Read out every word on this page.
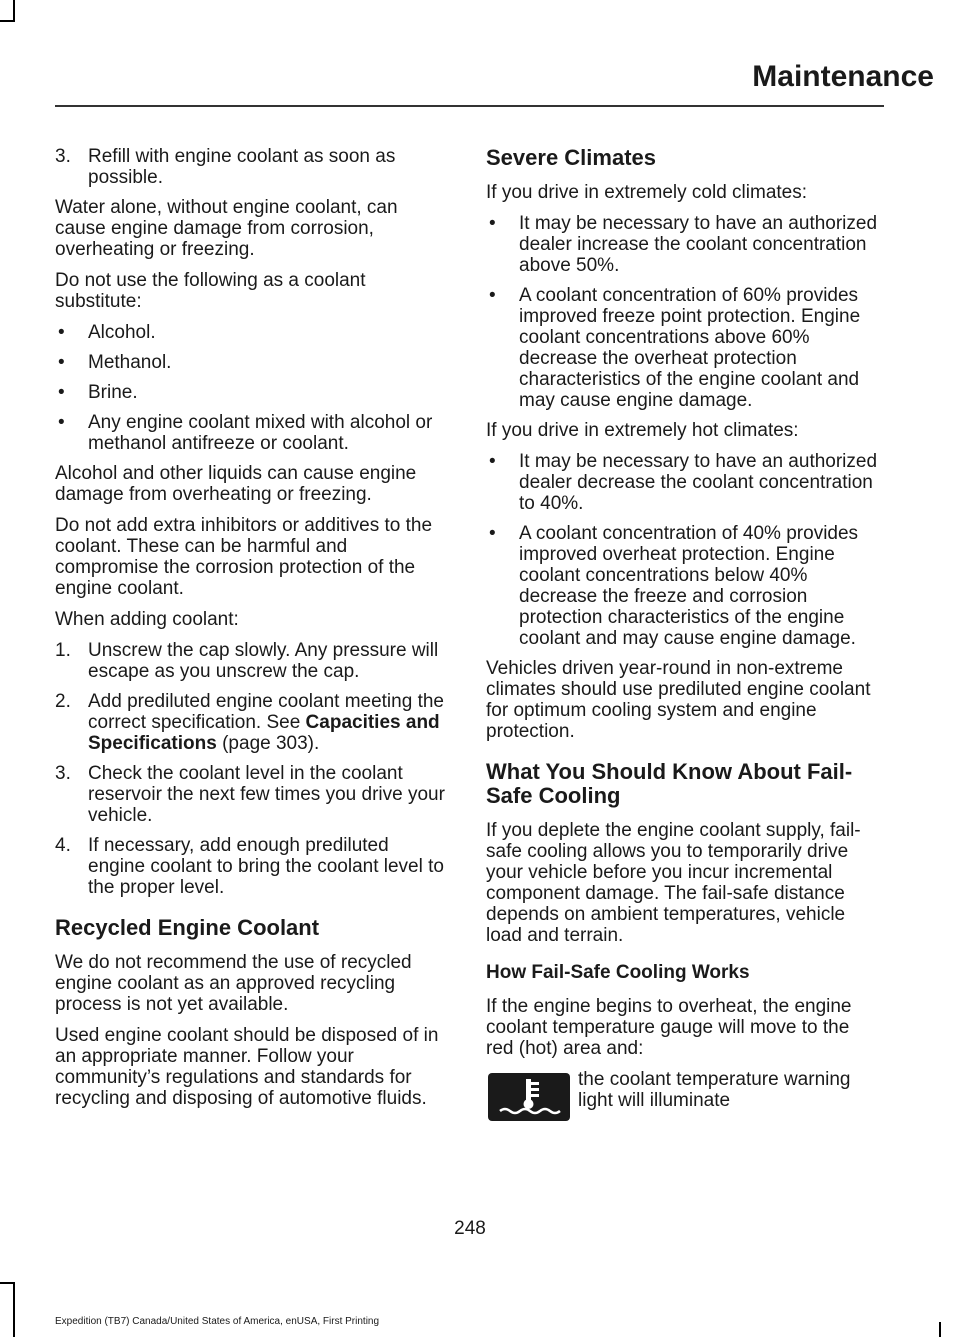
Maintenance
3. Refill with engine coolant as soon as possible.

Water alone, without engine coolant, can cause engine damage from corrosion, overheating or freezing.

Do not use the following as a coolant substitute:

• Alcohol.
• Methanol.
• Brine.
• Any engine coolant mixed with alcohol or methanol antifreeze or coolant.

Alcohol and other liquids can cause engine damage from overheating or freezing.

Do not add extra inhibitors or additives to the coolant. These can be harmful and compromise the corrosion protection of the engine coolant.

When adding coolant:

1. Unscrew the cap slowly. Any pressure will escape as you unscrew the cap.
2. Add prediluted engine coolant meeting the correct specification. See Capacities and Specifications (page 303).
3. Check the coolant level in the coolant reservoir the next few times you drive your vehicle.
4. If necessary, add enough prediluted engine coolant to bring the coolant level to the proper level.
Recycled Engine Coolant

We do not recommend the use of recycled engine coolant as an approved recycling process is not yet available.

Used engine coolant should be disposed of in an appropriate manner. Follow your community’s regulations and standards for recycling and disposing of automotive fluids.

Severe Climates

If you drive in extremely cold climates:

• It may be necessary to have an authorized dealer increase the coolant concentration above 50%.
• A coolant concentration of 60% provides improved freeze point protection. Engine coolant concentrations above 60% decrease the overheat protection characteristics of the engine coolant and may cause engine damage.

If you drive in extremely hot climates:

• It may be necessary to have an authorized dealer decrease the coolant concentration to 40%.
• A coolant concentration of 40% provides improved overheat protection. Engine coolant concentrations below 40% decrease the freeze and corrosion protection characteristics of the engine coolant and may cause engine damage.

Vehicles driven year-round in non-extreme climates should use prediluted engine coolant for optimum cooling system and engine protection.

What You Should Know About Fail-Safe Cooling

If you deplete the engine coolant supply, fail-safe cooling allows you to temporarily drive your vehicle before you incur incremental component damage. The fail-safe distance depends on ambient temperatures, vehicle load and terrain.

How Fail-Safe Cooling Works

If the engine begins to overheat, the engine coolant temperature gauge will move to the red (hot) area and:

the coolant temperature warning light will illuminate

248

Expedition (TB7) Canada/United States of America, enUSA, First Printing
